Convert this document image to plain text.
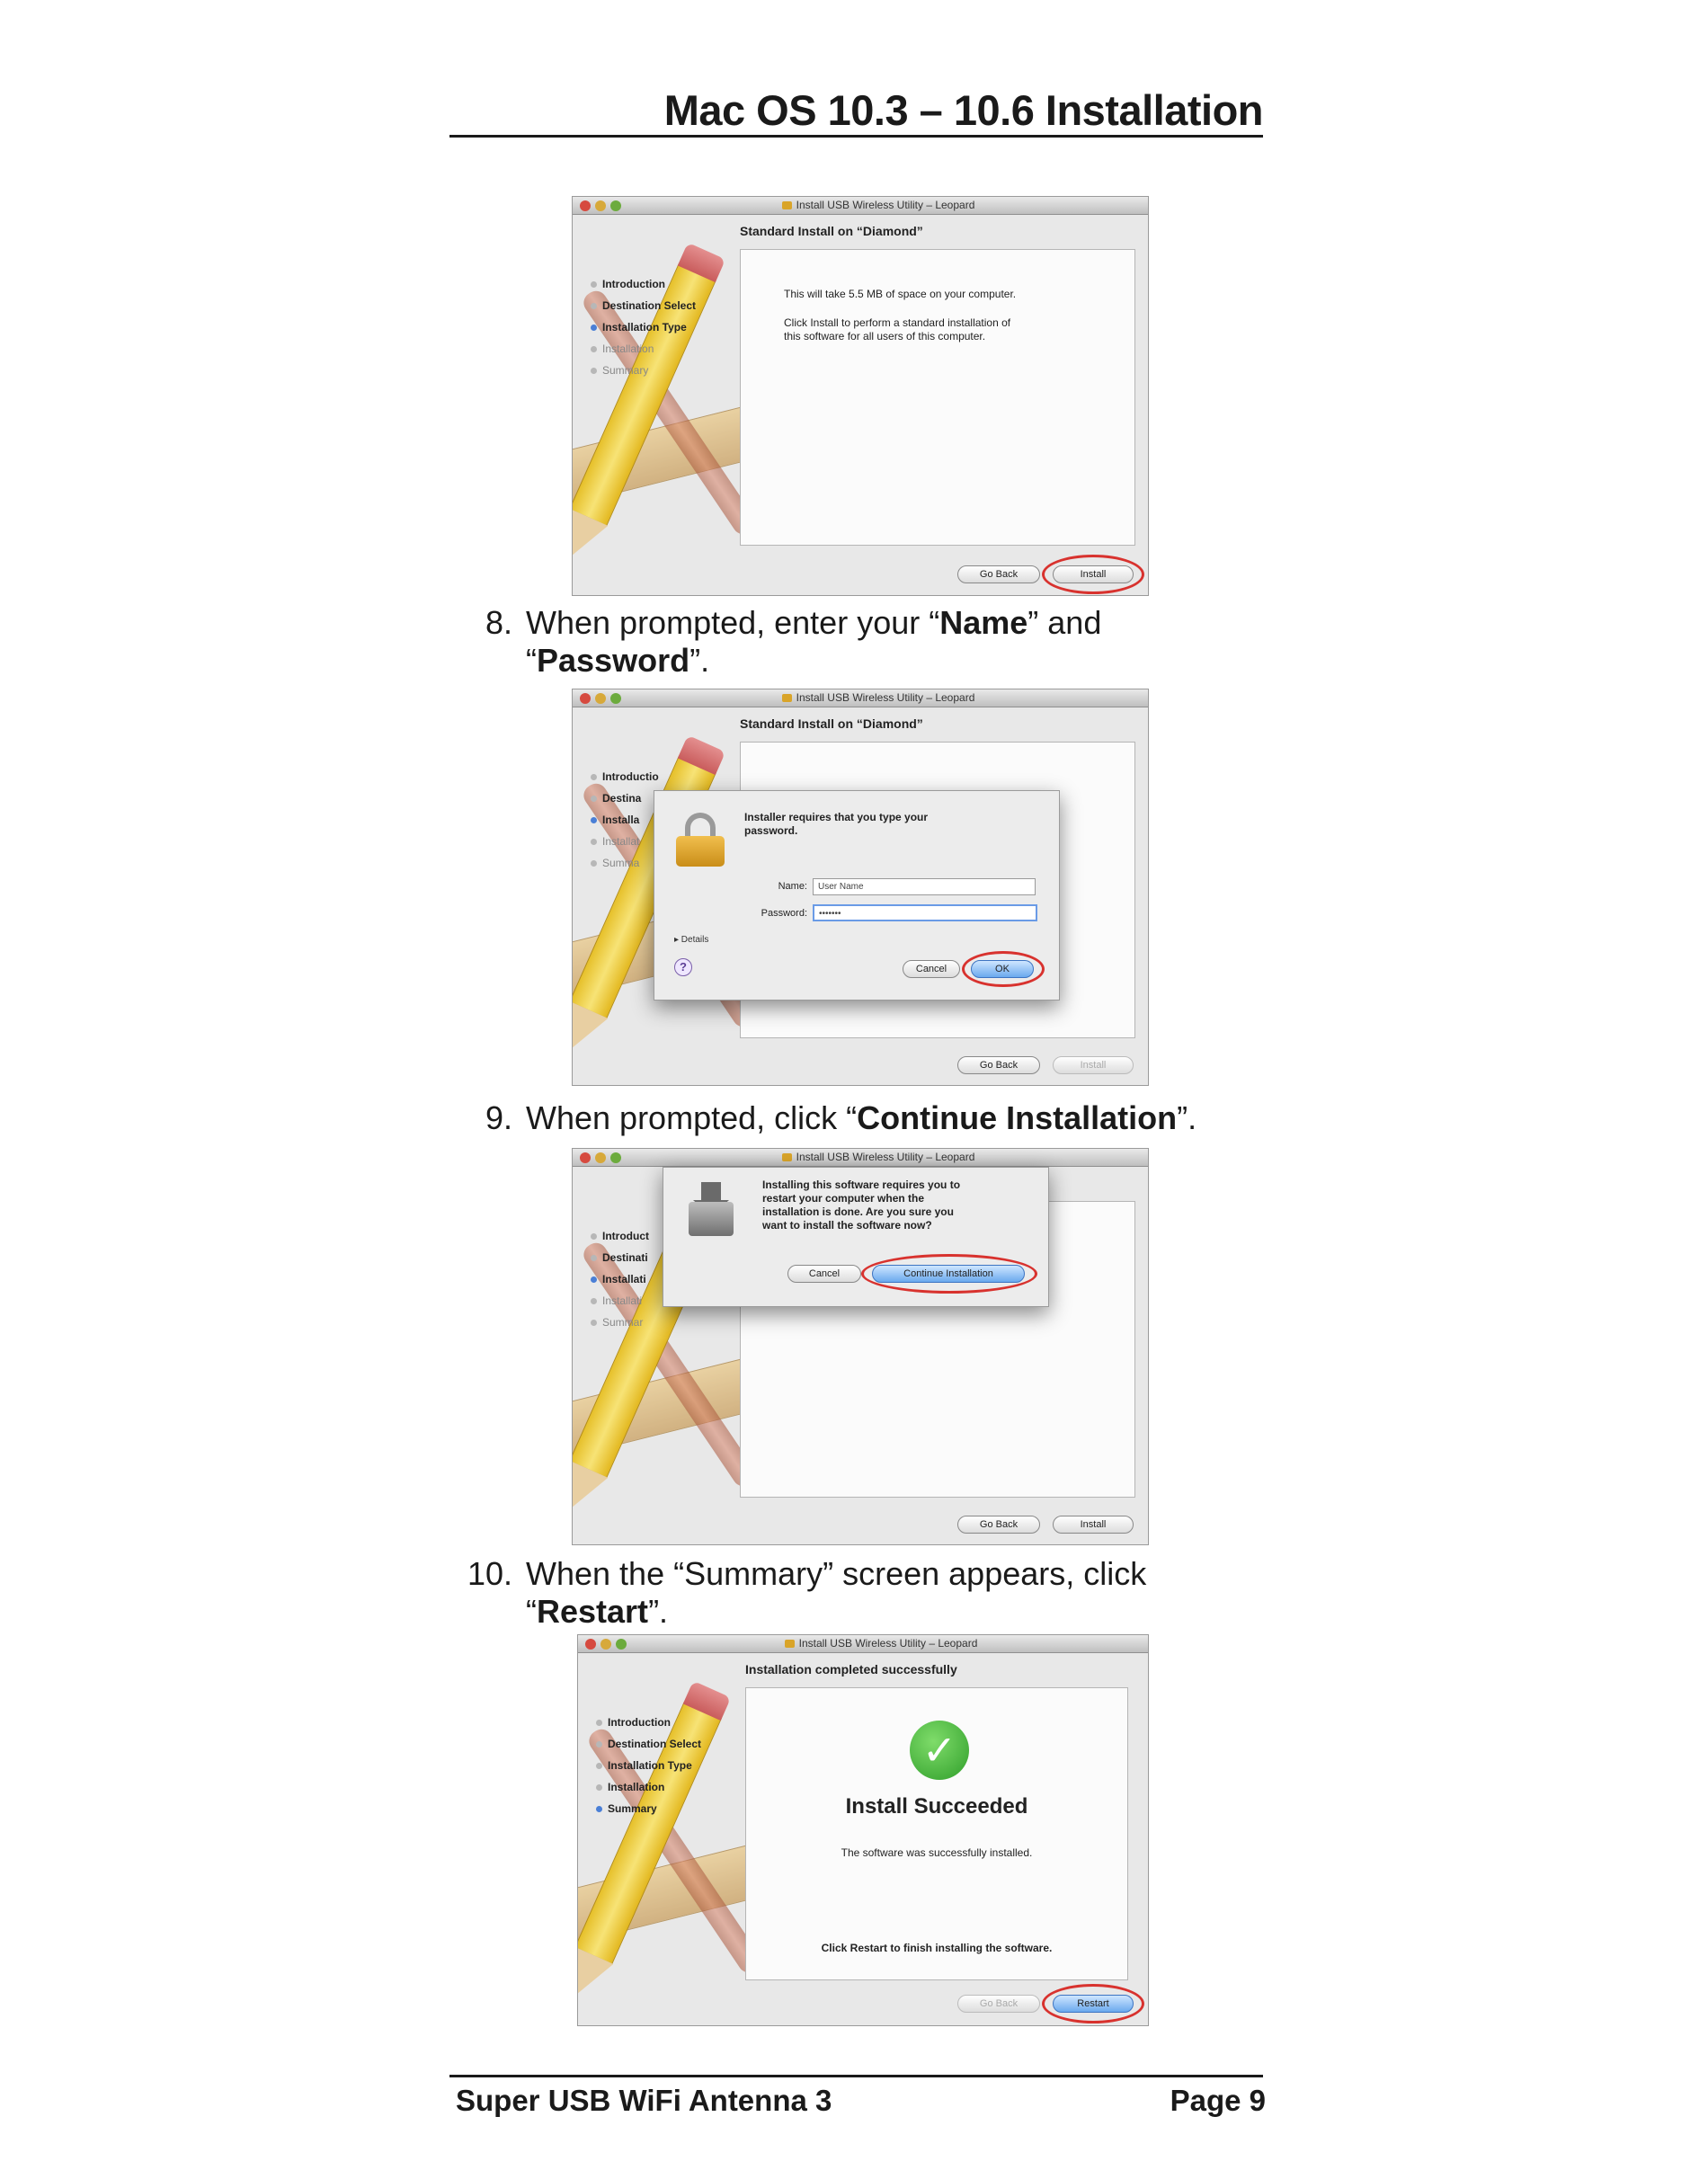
Mac OS 10.3 – 10.6 Installation
Install USB Wireless Utility – Leopard
Introduction
Destination Select
Installation Type
Installation
Summary
Standard Install on “Diamond”

This will take 5.5 MB of space on your computer.

Click Install to perform a standard installation of

this software for all users of this computer.

Go Back	Install
8. When prompted, enter your “Name” and
“Password”.
Install USB Wireless Utility – Leopard
Introductio
Destina
Installa
Installat
Summa
Standard Install on “Diamond”
Go Back	Install
Installer requires that you type your
password.
Name:	User Name
Password:	•••••••
▸ Details
?	Cancel	OK
9. When prompted, click “Continue Installation”.
Install USB Wireless Utility – Leopard
Introduct
Destinati
Installati
Installati
Summar
Go Back	Install
Installing this software requires you to
restart your computer when the
installation is done. Are you sure you
want to install the software now?
Cancel	Continue Installation
10. When the “Summary” screen appears, click
“Restart”.
Install USB Wireless Utility – Leopard
Introduction
Destination Select
Installation Type
Installation
Summary
Installation completed successfully
✓
Install Succeeded
The software was successfully installed.
Click Restart to finish installing the software.
Go Back	Restart
Super USB WiFi Antenna 3	Page 9
